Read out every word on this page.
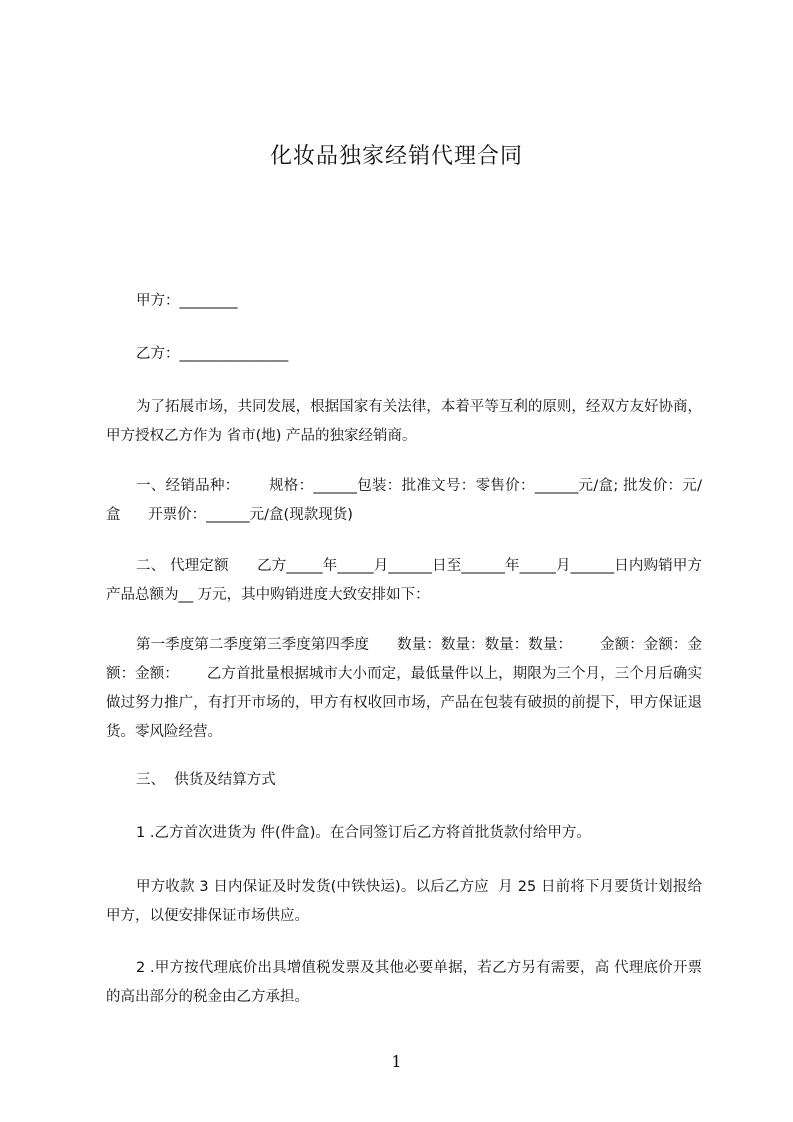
化妆品独家经销代理合同

甲方：________

乙方：_______________

为了拓展市场，共同发展，根据国家有关法律，本着平等互利的原则，经双方友好协商，甲方授权乙方作为 省市(地) 产品的独家经销商。

一、经销品种：      规格：______包装：批准文号：零售价：______元/盒; 批发价：元/盒      开票价：______元/盒(现款现货)

二、 代理定额      乙方_____年_____月______日至______年_____月______日内购销甲方产品总额为__ 万元，其中购销进度大致安排如下：

第一季度第二季度第三季度第四季度      数量：数量：数量：数量：      金额：金额：金额：金额：      乙方首批量根据城市大小而定，最低量件以上，期限为三个月，三个月后确实做过努力推广，有打开市场的，甲方有权收回市场，产品在包装有破损的前提下，甲方保证退货。零风险经营。

三、  供货及结算方式

1 .乙方首次进货为 件(件盒)。在合同签订后乙方将首批货款付给甲方。

甲方收款 3 日内保证及时发货(中铁快运)。以后乙方应  月 25 日前将下月要货计划报给甲方，以便安排保证市场供应。

2 .甲方按代理底价出具增值税发票及其他必要单据，若乙方另有需要，高 代理底价开票的高出部分的税金由乙方承担。

1
